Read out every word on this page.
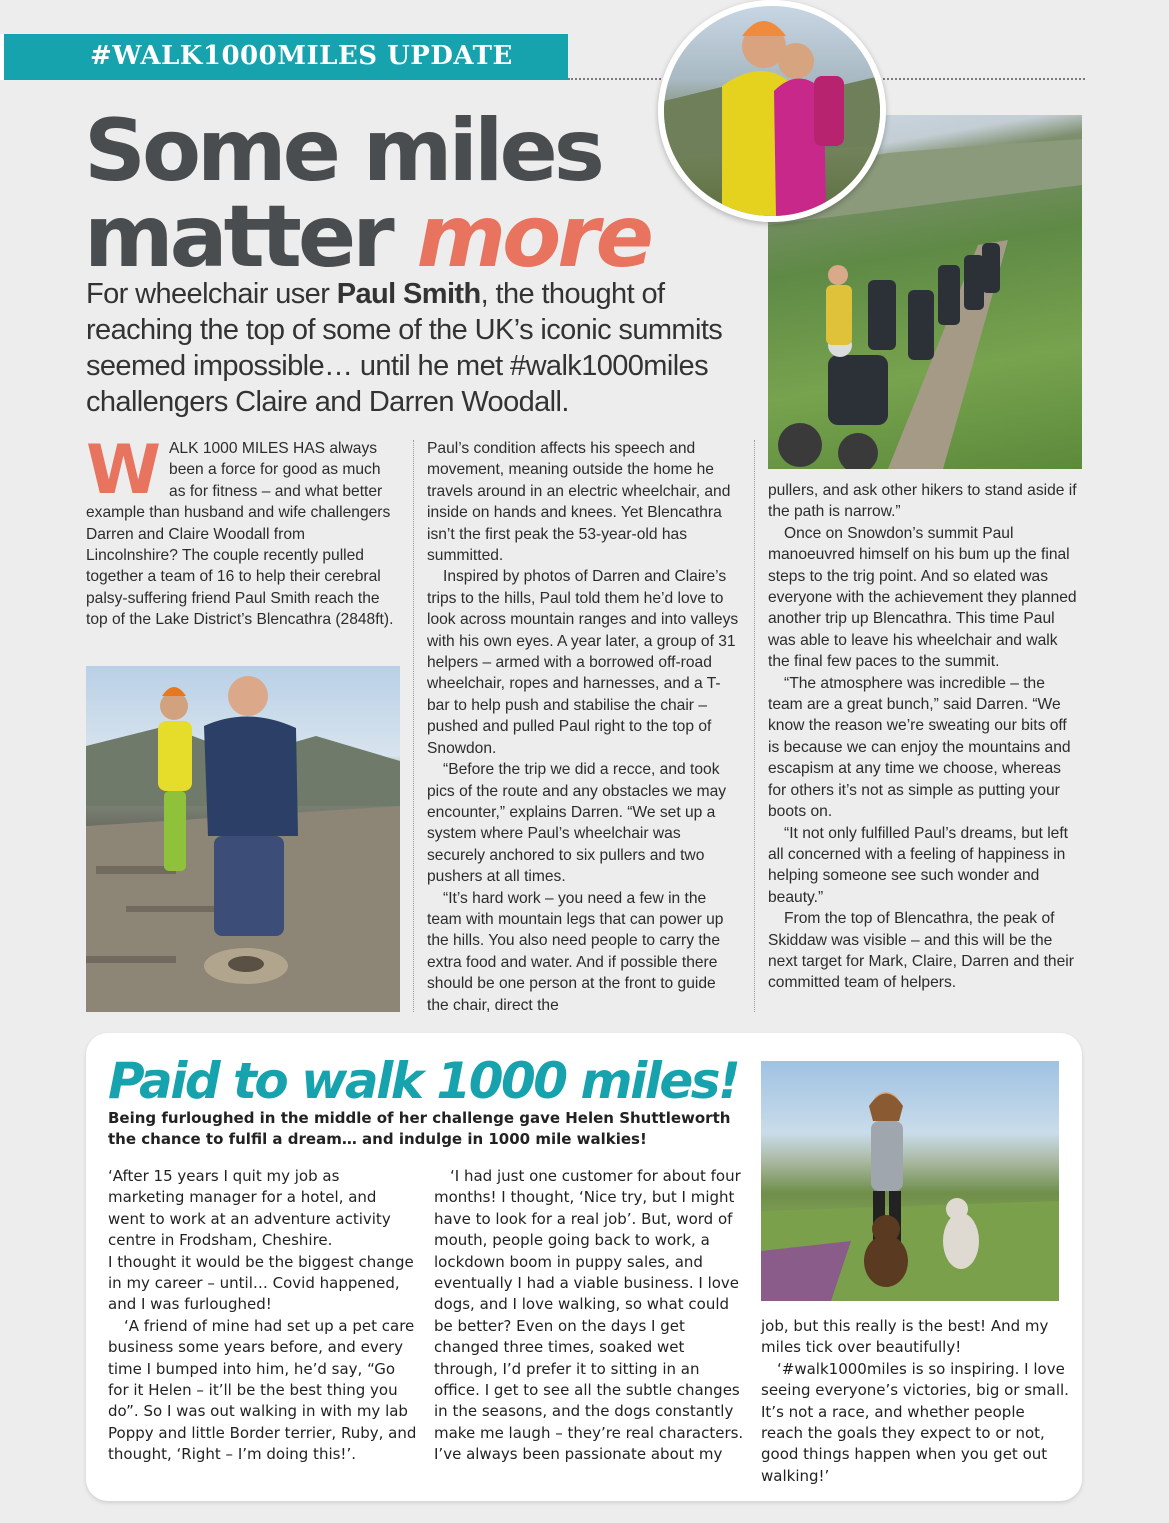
#WALK1000MILES UPDATE
Some miles
matter more
For wheelchair user Paul Smith, the thought of reaching the top of some of the UK’s iconic summits seemed impossible… until he met #walk1000miles challengers Claire and Darren Woodall.

WALK 1000 MILES HAS always been a force for good as much as for fitness – and what better example than husband and wife challengers Darren and Claire Woodall from Lincolnshire? The couple recently pulled together a team of 16 to help their cerebral palsy-suffering friend Paul Smith reach the top of the Lake District’s Blencathra (2848ft).

Paul’s condition affects his speech and movement, meaning outside the home he travels around in an electric wheelchair, and inside on hands and knees. Yet Blencathra isn’t the first peak the 53-year-old has summitted.

Inspired by photos of Darren and Claire’s trips to the hills, Paul told them he’d love to look across mountain ranges and into valleys with his own eyes. A year later, a group of 31 helpers – armed with a borrowed off-road wheelchair, ropes and harnesses, and a T-bar to help push and stabilise the chair – pushed and pulled Paul right to the top of Snowdon.

“Before the trip we did a recce, and took pics of the route and any obstacles we may encounter,” explains Darren. “We set up a system where Paul’s wheelchair was securely anchored to six pullers and two pushers at all times.

“It’s hard work – you need a few in the team with mountain legs that can power up the hills. You also need people to carry the extra food and water. And if possible there should be one person at the front to guide the chair, direct the

pullers, and ask other hikers to stand aside if the path is narrow.”

Once on Snowdon’s summit Paul manoeuvred himself on his bum up the final steps to the trig point. And so elated was everyone with the achievement they planned another trip up Blencathra. This time Paul was able to leave his wheelchair and walk the final few paces to the summit.

“The atmosphere was incredible – the team are a great bunch,” said Darren. “We know the reason we’re sweating our bits off is because we can enjoy the mountains and escapism at any time we choose, whereas for others it’s not as simple as putting your boots on.

“It not only fulfilled Paul’s dreams, but left all concerned with a feeling of happiness in helping someone see such wonder and beauty.”

From the top of Blencathra, the peak of Skiddaw was visible – and this will be the next target for Mark, Claire, Darren and their committed team of helpers.

Paid to walk 1000 miles!
Being furloughed in the middle of her challenge gave Helen Shuttleworth the chance to fulfil a dream… and indulge in 1000 mile walkies!

‘After 15 years I quit my job as marketing manager for a hotel, and went to work at an adventure activity centre in Frodsham, Cheshire.

I thought it would be the biggest change in my career – until… Covid happened, and I was furloughed!

‘A friend of mine had set up a pet care business some years before, and every time I bumped into him, he’d say, “Go for it Helen – it’ll be the best thing you do”. So I was out walking in with my lab Poppy and little Border terrier, Ruby, and thought, ‘Right – I’m doing this!’.

‘I had just one customer for about four months! I thought, ‘Nice try, but I might have to look for a real job’. But, word of mouth, people going back to work, a lockdown boom in puppy sales, and eventually I had a viable business. I love dogs, and I love walking, so what could be better? Even on the days I get changed three times, soaked wet through, I’d prefer it to sitting in an office. I get to see all the subtle changes in the seasons, and the dogs constantly make me laugh – they’re real characters. I’ve always been passionate about my

job, but this really is the best! And my miles tick over beautifully!

‘#walk1000miles is so inspiring. I love seeing everyone’s victories, big or small. It’s not a race, and whether people reach the goals they expect to or not, good things happen when you get out walking!’
